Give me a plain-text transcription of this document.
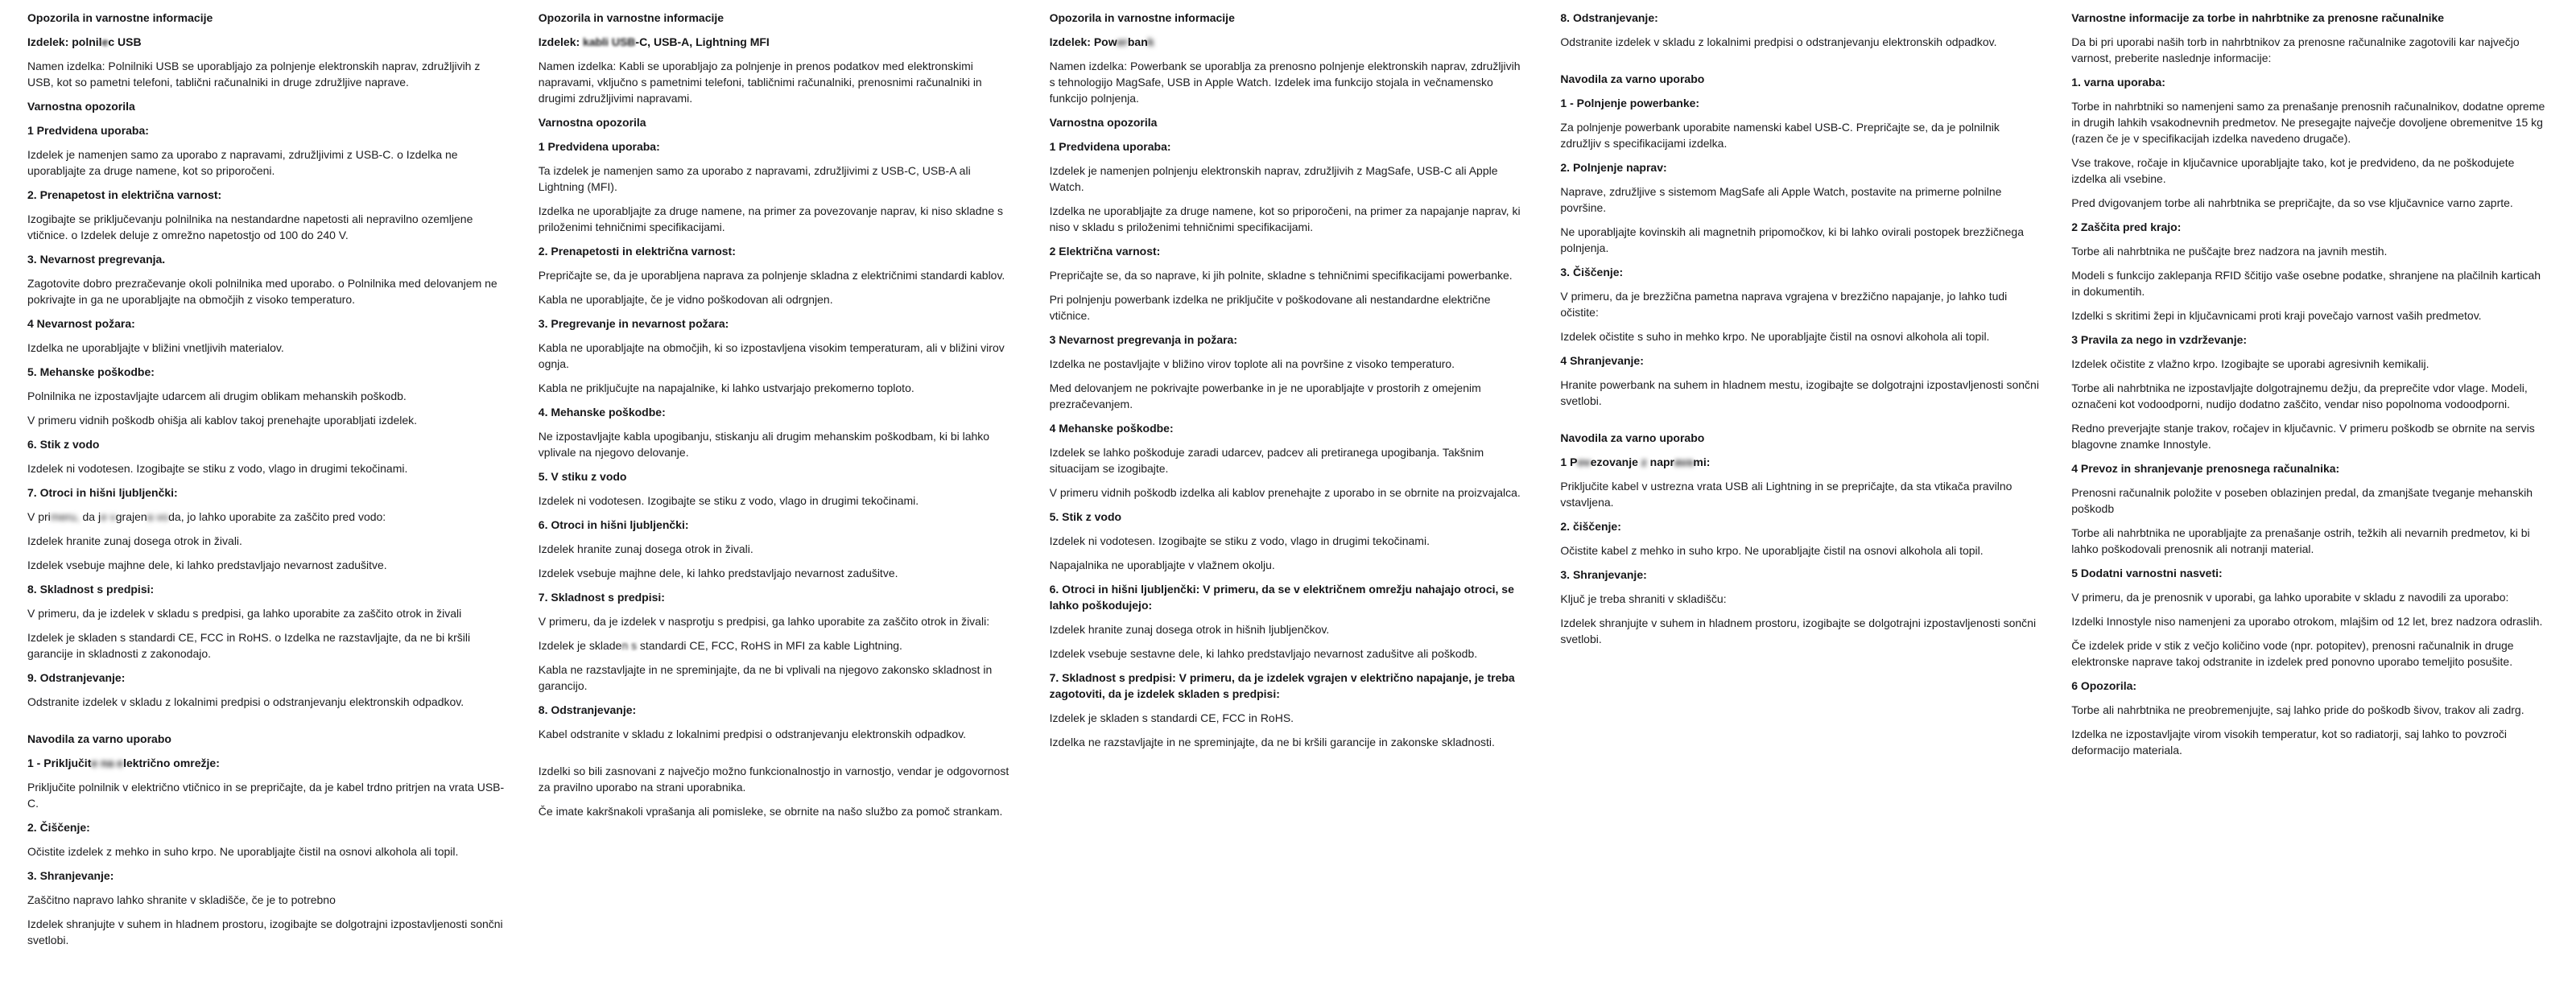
Opozorila in varnostne informacije
Izdelek: polnilec USB
Namen izdelka: Polnilniki USB se uporabljajo za polnjenje elektronskih naprav, združljivih z USB, kot so pametni telefoni, tablični računalniki in druge združljive naprave.
Varnostna opozorila
1 Predvidena uporaba:
Izdelek je namenjen samo za uporabo z napravami, združljivimi z USB-C. o Izdelka ne uporabljajte za druge namene, kot so priporočeni.
2. Prenapetost in električna varnost:
Izogibajte se priključevanju polnilnika na nestandardne napetosti ali nepravilno ozemljene vtičnice. o Izdelek deluje z omrežno napetostjo od 100 do 240 V.
3. Nevarnost pregrevanja.
Zagotovite dobro prezračevanje okoli polnilnika med uporabo. o Polnilnika med delovanjem ne pokrivajte in ga ne uporabljajte na območjih z visoko temperaturo.
4 Nevarnost požara:
Izdelka ne uporabljajte v bližini vnetljivih materialov.
5. Mehanske poškodbe:
Polnilnika ne izpostavljajte udarcem ali drugim oblikam mehanskih poškodb.
V primeru vidnih poškodb ohišja ali kablov takoj prenehajte uporabljati izdelek.
6. Stik z vodo
Izdelek ni vodotesen. Izogibajte se stiku z vodo, vlago in drugimi tekočinami.
7. Otroci in hišni ljubljenčki:
V primeru, da je vgrajena voda, jo lahko uporabite za zaščito pred vodo:
Izdelek hranite zunaj dosega otrok in živali.
Izdelek vsebuje majhne dele, ki lahko predstavljajo nevarnost zadušitve.
8. Skladnost s predpisi:
V primeru, da je izdelek v skladu s predpisi, ga lahko uporabite za zaščito otrok in živali
Izdelek je skladen s standardi CE, FCC in RoHS. o Izdelka ne razstavljajte, da ne bi kršili garancije in skladnosti z zakonodajo.
9. Odstranjevanje:
Odstranite izdelek v skladu z lokalnimi predpisi o odstranjevanju elektronskih odpadkov.
Navodila za varno uporabo
1 - Priključite na električno omrežje:
Priključite polnilnik v električno vtičnico in se prepričajte, da je kabel trdno pritrjen na vrata USB-C.
2. Čiščenje:
Očistite izdelek z mehko in suho krpo. Ne uporabljajte čistil na osnovi alkohola ali topil.
3. Shranjevanje:
Zaščitno napravo lahko shranite v skladišče, če je to potrebno
Izdelek shranjujte v suhem in hladnem prostoru, izogibajte se dolgotrajni izpostavljenosti sončni svetlobi.
Opozorila in varnostne informacije
Izdelek: kabli USB-C, USB-A, Lightning MFI
Namen izdelka: Kabli se uporabljajo za polnjenje in prenos podatkov med elektronskimi napravami, vključno s pametnimi telefoni, tabličnimi računalniki, prenosnimi računalniki in drugimi združljivimi napravami.
Varnostna opozorila
1 Predvidena uporaba:
Ta izdelek je namenjen samo za uporabo z napravami, združljivimi z USB-C, USB-A ali Lightning (MFI).
Izdelka ne uporabljajte za druge namene, na primer za povezovanje naprav, ki niso skladne s priloženimi tehničnimi specifikacijami.
2. Prenapetosti in električna varnost:
Prepričajte se, da je uporabljena naprava za polnjenje skladna z električnimi standardi kablov.
Kabla ne uporabljajte, če je vidno poškodovan ali odrgnjen.
3. Pregrevanje in nevarnost požara:
Kabla ne uporabljajte na območjih, ki so izpostavljena visokim temperaturam, ali v bližini virov ognja.
Kabla ne priključujte na napajalnike, ki lahko ustvarjajo prekomerno toploto.
4. Mehanske poškodbe:
Ne izpostavljajte kabla upogibanju, stiskanju ali drugim mehanskim poškodbam, ki bi lahko vplivale na njegovo delovanje.
5. V stiku z vodo
Izdelek ni vodotesen. Izogibajte se stiku z vodo, vlago in drugimi tekočinami.
6. Otroci in hišni ljubljenčki:
Izdelek hranite zunaj dosega otrok in živali.
Izdelek vsebuje majhne dele, ki lahko predstavljajo nevarnost zadušitve.
7. Skladnost s predpisi:
V primeru, da je izdelek v nasprotju s predpisi, ga lahko uporabite za zaščito otrok in živali:
Izdelek je skladen s standardi CE, FCC, RoHS in MFI za kable Lightning.
Kabla ne razstavljajte in ne spreminjajte, da ne bi vplivali na njegovo zakonsko skladnost in garancijo.
8. Odstranjevanje:
Kabel odstranite v skladu z lokalnimi predpisi o odstranjevanju elektronskih odpadkov.
Izdelki so bili zasnovani z največjo možno funkcionalnostjo in varnostjo, vendar je odgovornost za pravilno uporabo na strani uporabnika.
Če imate kakršnakoli vprašanja ali pomisleke, se obrnite na našo službo za pomoč strankam.
Opozorila in varnostne informacije
Izdelek: Powerbank
Namen izdelka: Powerbank se uporablja za prenosno polnjenje elektronskih naprav, združljivih s tehnologijo MagSafe, USB in Apple Watch. Izdelek ima funkcijo stojala in večnamensko funkcijo polnjenja.
Varnostna opozorila
1 Predvidena uporaba:
Izdelek je namenjen polnjenju elektronskih naprav, združljivih z MagSafe, USB-C ali Apple Watch.
Izdelka ne uporabljajte za druge namene, kot so priporočeni, na primer za napajanje naprav, ki niso v skladu s priloženimi tehničnimi specifikacijami.
2 Električna varnost:
Prepričajte se, da so naprave, ki jih polnite, skladne s tehničnimi specifikacijami powerbanke.
Pri polnjenju powerbank izdelka ne priključite v poškodovane ali nestandardne električne vtičnice.
3 Nevarnost pregrevanja in požara:
Izdelka ne postavljajte v bližino virov toplote ali na površine z visoko temperaturo.
Med delovanjem ne pokrivajte powerbanke in je ne uporabljajte v prostorih z omejenim prezračevanjem.
4 Mehanske poškodbe:
Izdelek se lahko poškoduje zaradi udarcev, padcev ali pretiranega upogibanja. Takšnim situacijam se izogibajte.
V primeru vidnih poškodb izdelka ali kablov prenehajte z uporabo in se obrnite na proizvajalca.
5. Stik z vodo
Izdelek ni vodotesen. Izogibajte se stiku z vodo, vlago in drugimi tekočinami.
Napajalnika ne uporabljajte v vlažnem okolju.
6. Otroci in hišni ljubljenčki: V primeru, da se v električnem omrežju nahajajo otroci, se lahko poškodujejo:
Izdelek hranite zunaj dosega otrok in hišnih ljubljenčkov.
Izdelek vsebuje sestavne dele, ki lahko predstavljajo nevarnost zadušitve ali poškodb.
7. Skladnost s predpisi: V primeru, da je izdelek vgrajen v električno napajanje, je treba zagotoviti, da je izdelek skladen s predpisi:
Izdelek je skladen s standardi CE, FCC in RoHS.
Izdelka ne razstavljajte in ne spreminjajte, da ne bi kršili garancije in zakonske skladnosti.
8. Odstranjevanje:
Odstranite izdelek v skladu z lokalnimi predpisi o odstranjevanju elektronskih odpadkov.
Navodila za varno uporabo
1 - Polnjenje powerbanke:
Za polnjenje powerbank uporabite namenski kabel USB-C. Prepričajte se, da je polnilnik združljiv s specifikacijami izdelka.
2. Polnjenje naprav:
Naprave, združljive s sistemom MagSafe ali Apple Watch, postavite na primerne polnilne površine.
Ne uporabljajte kovinskih ali magnetnih pripomočkov, ki bi lahko ovirali postopek brezžičnega polnjenja.
3. Čiščenje:
V primeru, da je brezžična pametna naprava vgrajena v brezžično napajanje, jo lahko tudi očistite:
Izdelek očistite s suho in mehko krpo. Ne uporabljajte čistil na osnovi alkohola ali topil.
4 Shranjevanje:
Hranite powerbank na suhem in hladnem mestu, izogibajte se dolgotrajni izpostavljenosti sončni svetlobi.
Navodila za varno uporabo
1 Povezovanje z napravami:
Priključite kabel v ustrezna vrata USB ali Lightning in se prepričajte, da sta vtikača pravilno vstavljena.
2. čiščenje:
Očistite kabel z mehko in suho krpo. Ne uporabljajte čistil na osnovi alkohola ali topil.
3. Shranjevanje:
Ključ je treba shraniti v skladišču:
Izdelek shranjujte v suhem in hladnem prostoru, izogibajte se dolgotrajni izpostavljenosti sončni svetlobi.
Varnostne informacije za torbe in nahrbtnike za prenosne računalnike
Da bi pri uporabi naših torb in nahrbtnikov za prenosne računalnike zagotovili kar največjo varnost, preberite naslednje informacije:
1. varna uporaba:
Torbe in nahrbtniki so namenjeni samo za prenašanje prenosnih računalnikov, dodatne opreme in drugih lahkih vsakodnevnih predmetov. Ne presegajte največje dovoljene obremenitve 15 kg (razen če je v specifikacijah izdelka navedeno drugače).
Vse trakove, ročaje in ključavnice uporabljajte tako, kot je predvideno, da ne poškodujete izdelka ali vsebine.
Pred dvigovanjem torbe ali nahrbtnika se prepričajte, da so vse ključavnice varno zaprte.
2 Zaščita pred krajo:
Torbe ali nahrbtnika ne puščajte brez nadzora na javnih mestih.
Modeli s funkcijo zaklepanja RFID ščitijo vaše osebne podatke, shranjene na plačilnih karticah in dokumentih.
Izdelki s skritimi žepi in ključavnicami proti kraji povečajo varnost vaših predmetov.
3 Pravila za nego in vzdrževanje:
Izdelek očistite z vlažno krpo. Izogibajte se uporabi agresivnih kemikalij.
Torbe ali nahrbtnika ne izpostavljajte dolgotrajnemu dežju, da preprečite vdor vlage. Modeli, označeni kot vodoodporni, nudijo dodatno zaščito, vendar niso popolnoma vodoodporni.
Redno preverjajte stanje trakov, ročajev in ključavnic. V primeru poškodb se obrnite na servis blagovne znamke Innostyle.
4 Prevoz in shranjevanje prenosnega računalnika:
Prenosni računalnik položite v poseben oblazinjen predal, da zmanjšate tveganje mehanskih poškodb
Torbe ali nahrbtnika ne uporabljajte za prenašanje ostrih, težkih ali nevarnih predmetov, ki bi lahko poškodovali prenosnik ali notranji material.
5 Dodatni varnostni nasveti:
V primeru, da je prenosnik v uporabi, ga lahko uporabite v skladu z navodili za uporabo:
Izdelki Innostyle niso namenjeni za uporabo otrokom, mlajšim od 12 let, brez nadzora odraslih.
Če izdelek pride v stik z večjo količino vode (npr. potopitev), prenosni računalnik in druge elektronske naprave takoj odstranite in izdelek pred ponovno uporabo temeljito posušite.
6 Opozorila:
Torbe ali nahrbtnika ne preobremenjujte, saj lahko pride do poškodb šivov, trakov ali zadrg.
Izdelka ne izpostavljajte virom visokih temperatur, kot so radiatorji, saj lahko to povzroči deformacijo materiala.
